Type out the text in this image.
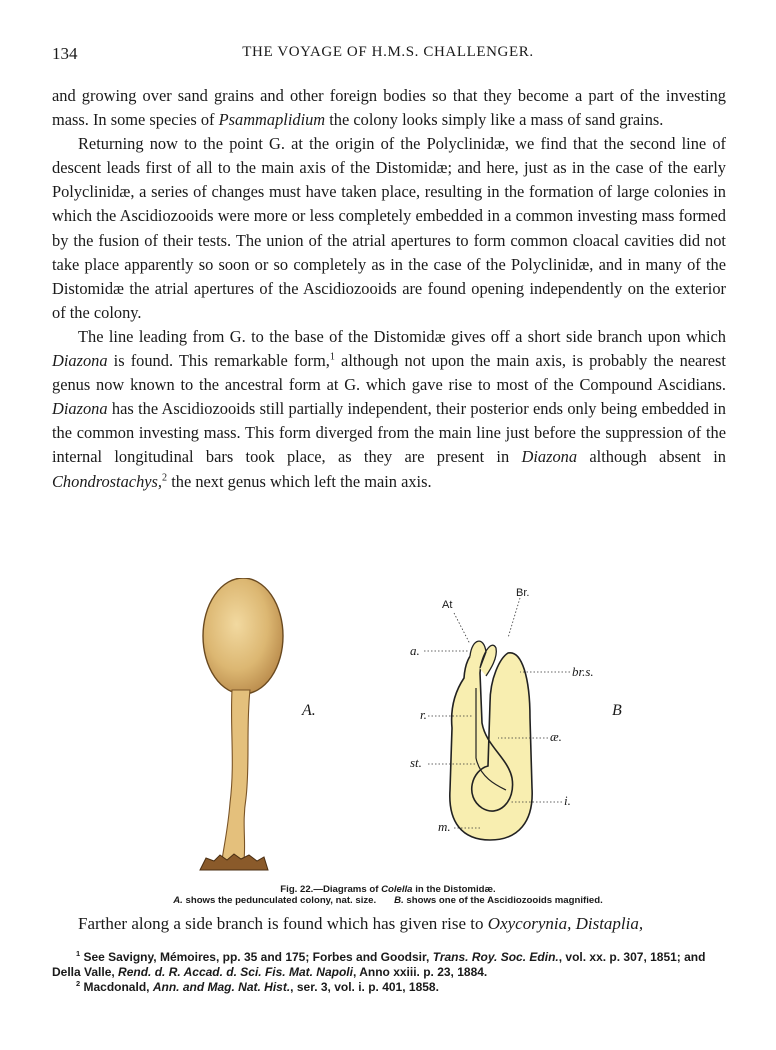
134	THE VOYAGE OF H.M.S. CHALLENGER.

and growing over sand grains and other foreign bodies so that they become a part of the investing mass. In some species of Psammaplidium the colony looks simply like a mass of sand grains.

Returning now to the point G. at the origin of the Polyclinidæ, we find that the second line of descent leads first of all to the main axis of the Distomidæ; and here, just as in the case of the early Polyclinidæ, a series of changes must have taken place, resulting in the formation of large colonies in which the Ascidiozooids were more or less completely embedded in a common investing mass formed by the fusion of their tests. The union of the atrial apertures to form common cloacal cavities did not take place apparently so soon or so completely as in the case of the Polyclinidæ, and in many of the Distomidæ the atrial apertures of the Ascidiozooids are found opening independently on the exterior of the colony.

The line leading from G. to the base of the Distomidæ gives off a short side branch upon which Diazona is found. This remarkable form,$^1$ although not upon the main axis, is probably the nearest genus now known to the ancestral form at G. which gave rise to most of the Compound Ascidians. Diazona has the Ascidiozooids still partially independent, their posterior ends only being embedded in the common investing mass. This form diverged from the main line just before the suppression of the internal longitudinal bars took place, as they are present in Diazona although absent in Chondrostachys,$^2$ the next genus which left the main axis.

A.	B
At
Br.
a.
br.s.
r.
æ.
st.
i.
m.
Fig. 22.—Diagrams of Colella in the Distomidæ.
A. shows the pedunculated colony, nat. size. B. shows one of the Ascidiozooids magnified.
Farther along a side branch is found which has given rise to Oxycorynia, Distaplia,

$^1$ See Savigny, Mémoires, pp. 35 and 175; Forbes and Goodsir, Trans. Roy. Soc. Edin., vol. xx. p. 307, 1851; and Della Valle, Rend. d. R. Accad. d. Sci. Fis. Mat. Napoli, Anno xxiii. p. 23, 1884.

$^2$ Macdonald, Ann. and Mag. Nat. Hist., ser. 3, vol. i. p. 401, 1858.
